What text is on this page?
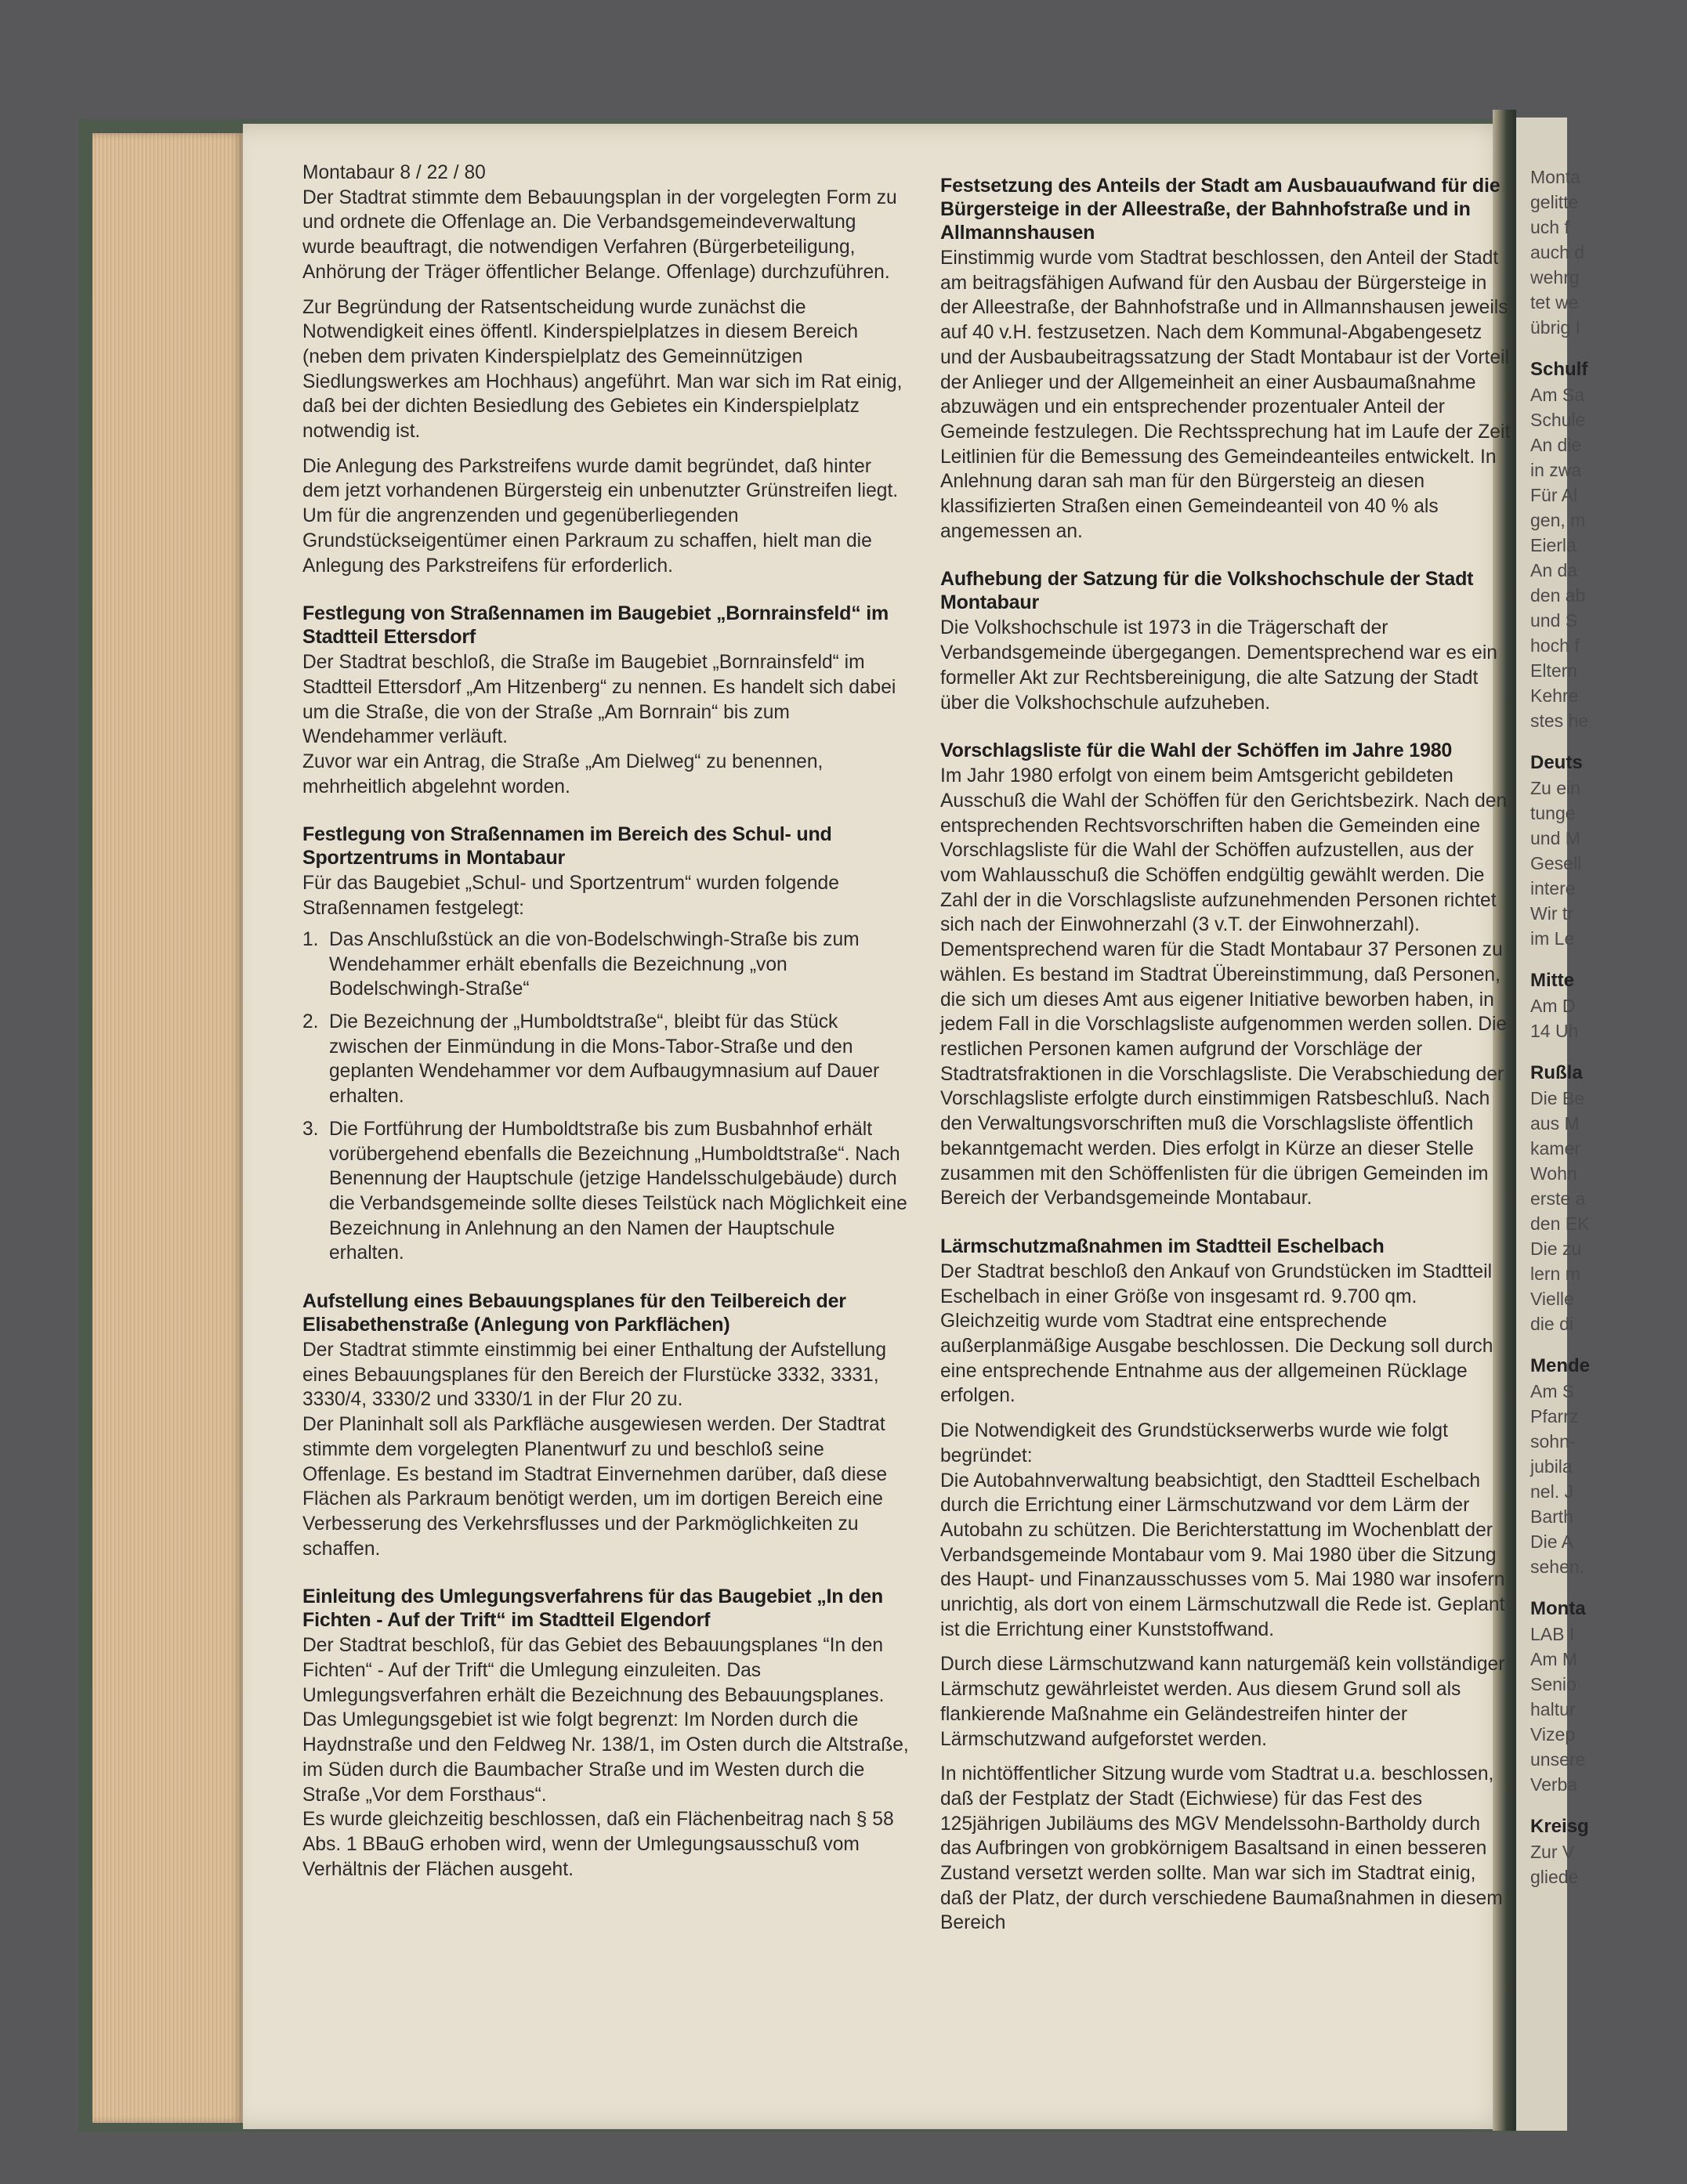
Monta
gelitte
uch f
auch d
wehrg
tet we
übrig I
Schulf
Am Sa
Schule
An die
in zwa
Für Al
gen, m
Eierla
An da
den ab
und S
hoch f
Eltern
Kehre
stes he
Deuts
Zu ein
tunge
und M
Gesell
intere
Wir tr
im Le
Mitte
Am D
14 Uh
Rußla
Die Be
aus M
kamer
Wohn
erste a
den EK
Die zu
lern m
Vielle
die di
Mende
Am S
Pfarrz
sohn-
jubila
nel. J
Barth
Die A
sehen.
Monta
LAB I
Am M
Senio
haltur
Vizep
unsere
Verba
Kreisg
Zur V
gliede
Montabaur 8 / 22 / 80

Der Stadtrat stimmte dem Bebauungsplan in der vorgelegten Form zu und ordnete die Offenlage an. Die Verbandsgemeindeverwaltung wurde beauftragt, die notwendigen Verfahren (Bürgerbeteiligung, Anhörung der Träger öffentlicher Belange. Offenlage) durchzuführen.

Zur Begründung der Ratsentscheidung wurde zunächst die Notwendigkeit eines öffentl. Kinderspielplatzes in diesem Bereich (neben dem privaten Kinderspielplatz des Gemeinnützigen Siedlungswerkes am Hochhaus) angeführt. Man war sich im Rat einig, daß bei der dichten Besiedlung des Gebietes ein Kinderspielplatz notwendig ist.

Die Anlegung des Parkstreifens wurde damit begründet, daß hinter dem jetzt vorhandenen Bürgersteig ein unbenutzter Grünstreifen liegt. Um für die angrenzenden und gegenüberliegenden Grundstückseigentümer einen Parkraum zu schaffen, hielt man die Anlegung des Parkstreifens für erforderlich.

Festlegung von Straßennamen im Baugebiet „Bornrainsfeld“ im Stadtteil Ettersdorf

Der Stadtrat beschloß, die Straße im Baugebiet „Bornrainsfeld“ im Stadtteil Ettersdorf „Am Hitzenberg“ zu nennen. Es handelt sich dabei um die Straße, die von der Straße „Am Bornrain“ bis zum Wendehammer verläuft.

Zuvor war ein Antrag, die Straße „Am Dielweg“ zu benennen, mehrheitlich abgelehnt worden.

Festlegung von Straßennamen im Bereich des Schul- und Sportzentrums in Montabaur

Für das Baugebiet „Schul- und Sportzentrum“ wurden folgende Straßennamen festgelegt:

1. Das Anschlußstück an die von-Bodelschwingh-Straße bis zum Wendehammer erhält ebenfalls die Bezeichnung „von Bodelschwingh-Straße“
2. Die Bezeichnung der „Humboldtstraße“, bleibt für das Stück zwischen der Einmündung in die Mons-Tabor-Straße und den geplanten Wendehammer vor dem Aufbaugymnasium auf Dauer erhalten.
3. Die Fortführung der Humboldtstraße bis zum Busbahnhof erhält vorübergehend ebenfalls die Bezeichnung „Humboldtstraße“. Nach Benennung der Hauptschule (jetzige Handelsschulgebäude) durch die Verbandsgemeinde sollte dieses Teilstück nach Möglichkeit eine Bezeichnung in Anlehnung an den Namen der Hauptschule erhalten.
Aufstellung eines Bebauungsplanes für den Teilbereich der Elisabethenstraße (Anlegung von Parkflächen)

Der Stadtrat stimmte einstimmig bei einer Enthaltung der Aufstellung eines Bebauungsplanes für den Bereich der Flurstücke 3332, 3331, 3330/4, 3330/2 und 3330/1 in der Flur 20 zu.

Der Planinhalt soll als Parkfläche ausgewiesen werden. Der Stadtrat stimmte dem vorgelegten Planentwurf zu und beschloß seine Offenlage. Es bestand im Stadtrat Einvernehmen darüber, daß diese Flächen als Parkraum benötigt werden, um im dortigen Bereich eine Verbesserung des Verkehrsflusses und der Parkmöglichkeiten zu schaffen.

Einleitung des Umlegungsverfahrens für das Baugebiet „In den Fichten - Auf der Trift“ im Stadtteil Elgendorf

Der Stadtrat beschloß, für das Gebiet des Bebauungsplanes “In den Fichten“ - Auf der Trift“ die Umlegung einzuleiten. Das Umlegungsverfahren erhält die Bezeichnung des Bebauungsplanes. Das Umlegungsgebiet ist wie folgt begrenzt: Im Norden durch die Haydnstraße und den Feldweg Nr. 138/1, im Osten durch die Altstraße, im Süden durch die Baumbacher Straße und im Westen durch die Straße „Vor dem Forsthaus“.

Es wurde gleichzeitig beschlossen, daß ein Flächenbeitrag nach § 58 Abs. 1 BBauG erhoben wird, wenn der Umlegungsausschuß vom Verhältnis der Flächen ausgeht.

Festsetzung des Anteils der Stadt am Ausbauaufwand für die Bürgersteige in der Alleestraße, der Bahnhofstraße und in Allmannshausen

Einstimmig wurde vom Stadtrat beschlossen, den Anteil der Stadt am beitragsfähigen Aufwand für den Ausbau der Bürgersteige in der Alleestraße, der Bahnhofstraße und in Allmannshausen jeweils auf 40 v.H. festzusetzen. Nach dem Kommunal-Abgabengesetz und der Ausbaubeitragssatzung der Stadt Montabaur ist der Vorteil der Anlieger und der Allgemeinheit an einer Ausbaumaßnahme abzuwägen und ein entsprechender prozentualer Anteil der Gemeinde festzulegen. Die Rechtssprechung hat im Laufe der Zeit Leitlinien für die Bemessung des Gemeindeanteiles entwickelt. In Anlehnung daran sah man für den Bürgersteig an diesen klassifizierten Straßen einen Gemeindeanteil von 40 % als angemessen an.

Aufhebung der Satzung für die Volkshochschule der Stadt Montabaur

Die Volkshochschule ist 1973 in die Trägerschaft der Verbandsgemeinde übergegangen. Dementsprechend war es ein formeller Akt zur Rechtsbereinigung, die alte Satzung der Stadt über die Volkshochschule aufzuheben.

Vorschlagsliste für die Wahl der Schöffen im Jahre 1980

Im Jahr 1980 erfolgt von einem beim Amtsgericht gebildeten Ausschuß die Wahl der Schöffen für den Gerichtsbezirk. Nach den entsprechenden Rechtsvorschriften haben die Gemeinden eine Vorschlagsliste für die Wahl der Schöffen aufzustellen, aus der vom Wahlausschuß die Schöffen endgültig gewählt werden. Die Zahl der in die Vorschlagsliste aufzunehmenden Personen richtet sich nach der Einwohnerzahl (3 v.T. der Einwohnerzahl). Dementsprechend waren für die Stadt Montabaur 37 Personen zu wählen. Es bestand im Stadtrat Übereinstimmung, daß Personen, die sich um dieses Amt aus eigener Initiative beworben haben, in jedem Fall in die Vorschlagsliste aufgenommen werden sollen. Die restlichen Personen kamen aufgrund der Vorschläge der Stadtratsfraktionen in die Vorschlagsliste. Die Verabschiedung der Vorschlagsliste erfolgte durch einstimmigen Ratsbeschluß. Nach den Verwaltungsvorschriften muß die Vorschlagsliste öffentlich bekanntgemacht werden. Dies erfolgt in Kürze an dieser Stelle zusammen mit den Schöffenlisten für die übrigen Gemeinden im Bereich der Verbandsgemeinde Montabaur.

Lärmschutzmaßnahmen im Stadtteil Eschelbach

Der Stadtrat beschloß den Ankauf von Grundstücken im Stadtteil Eschelbach in einer Größe von insgesamt rd. 9.700 qm. Gleichzeitig wurde vom Stadtrat eine entsprechende außerplanmäßige Ausgabe beschlossen. Die Deckung soll durch eine entsprechende Entnahme aus der allgemeinen Rücklage erfolgen.

Die Notwendigkeit des Grundstückserwerbs wurde wie folgt begründet:

Die Autobahnverwaltung beabsichtigt, den Stadtteil Eschelbach durch die Errichtung einer Lärmschutzwand vor dem Lärm der Autobahn zu schützen. Die Berichterstattung im Wochenblatt der Verbandsgemeinde Montabaur vom 9. Mai 1980 über die Sitzung des Haupt- und Finanzausschusses vom 5. Mai 1980 war insofern unrichtig, als dort von einem Lärmschutzwall die Rede ist. Geplant ist die Errichtung einer Kunststoffwand.

Durch diese Lärmschutzwand kann naturgemäß kein vollständiger Lärmschutz gewährleistet werden. Aus diesem Grund soll als flankierende Maßnahme ein Geländestreifen hinter der Lärmschutzwand aufgeforstet werden.

In nichtöffentlicher Sitzung wurde vom Stadtrat u.a. beschlossen, daß der Festplatz der Stadt (Eichwiese) für das Fest des 125jährigen Jubiläums des MGV Mendelssohn-Bartholdy durch das Aufbringen von grobkörnigem Basaltsand in einen besseren Zustand versetzt werden sollte. Man war sich im Stadtrat einig, daß der Platz, der durch verschiedene Baumaßnahmen in diesem Bereich
